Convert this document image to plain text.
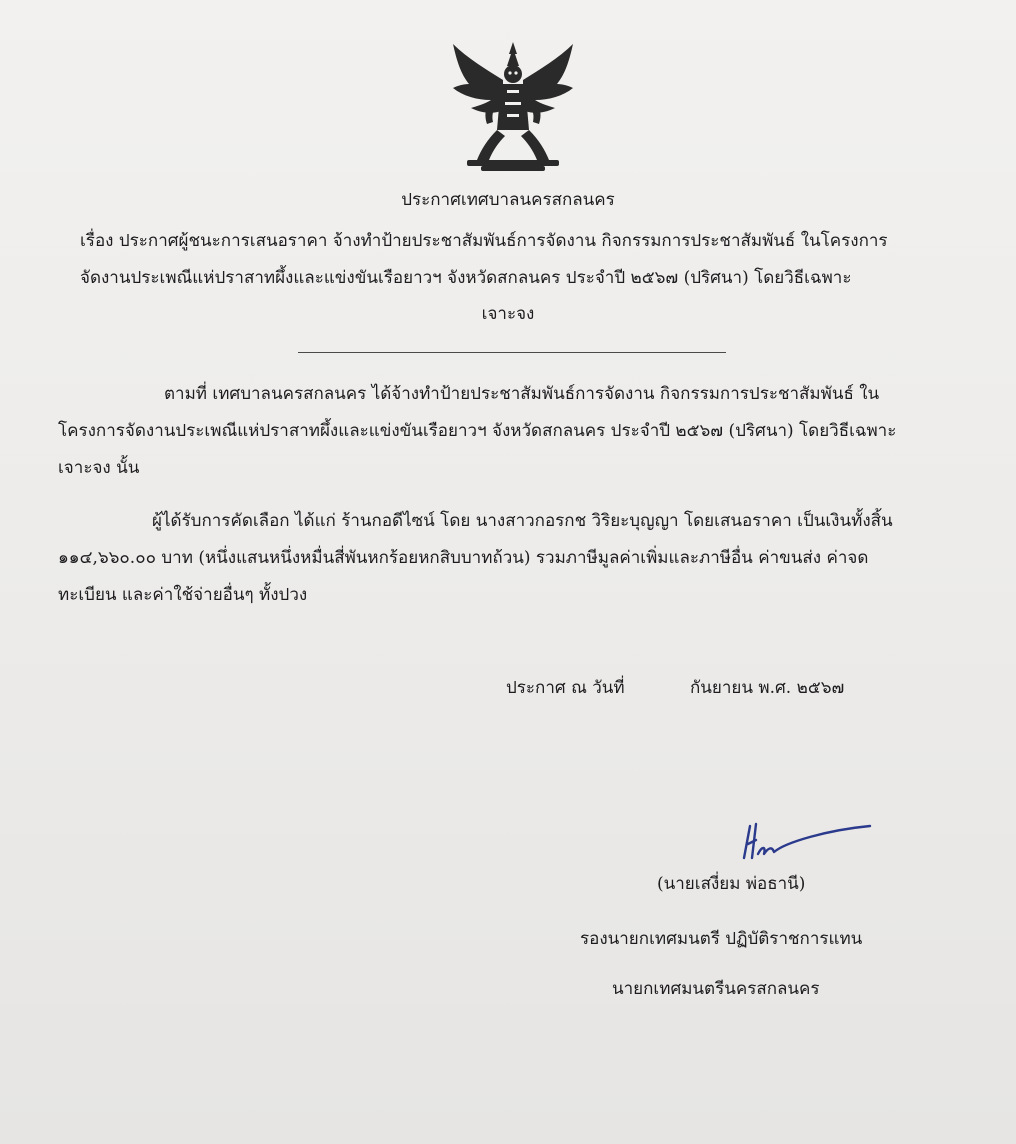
ประกาศเทศบาลนครสกลนคร
เรื่อง ประกาศผู้ชนะการเสนอราคา จ้างทำป้ายประชาสัมพันธ์การจัดงาน กิจกรรมการประชาสัมพันธ์ ในโครงการ
จัดงานประเพณีแห่ปราสาทผึ้งและแข่งขันเรือยาวฯ จังหวัดสกลนคร ประจำปี ๒๕๖๗ (ปริศนา) โดยวิธีเฉพาะ
เจาะจง
ตามที่ เทศบาลนครสกลนคร ได้จ้างทำป้ายประชาสัมพันธ์การจัดงาน กิจกรรมการประชาสัมพันธ์ ใน
โครงการจัดงานประเพณีแห่ปราสาทผึ้งและแข่งขันเรือยาวฯ จังหวัดสกลนคร ประจำปี ๒๕๖๗ (ปริศนา) โดยวิธีเฉพาะ
เจาะจง นั้น
ผู้ได้รับการคัดเลือก ได้แก่ ร้านกอดีไซน์ โดย นางสาวกอรกช วิริยะบุญญา โดยเสนอราคา เป็นเงินทั้งสิ้น
๑๑๔,๖๖๐.๐๐ บาท (หนึ่งแสนหนึ่งหมื่นสี่พันหกร้อยหกสิบบาทถ้วน) รวมภาษีมูลค่าเพิ่มและภาษีอื่น ค่าขนส่ง ค่าจด
ทะเบียน และค่าใช้จ่ายอื่นๆ ทั้งปวง
ประกาศ ณ วันที่	กันยายน พ.ศ. ๒๕๖๗
(นายเสงี่ยม พ่อธานี)
รองนายกเทศมนตรี ปฏิบัติราชการแทน
นายกเทศมนตรีนครสกลนคร
